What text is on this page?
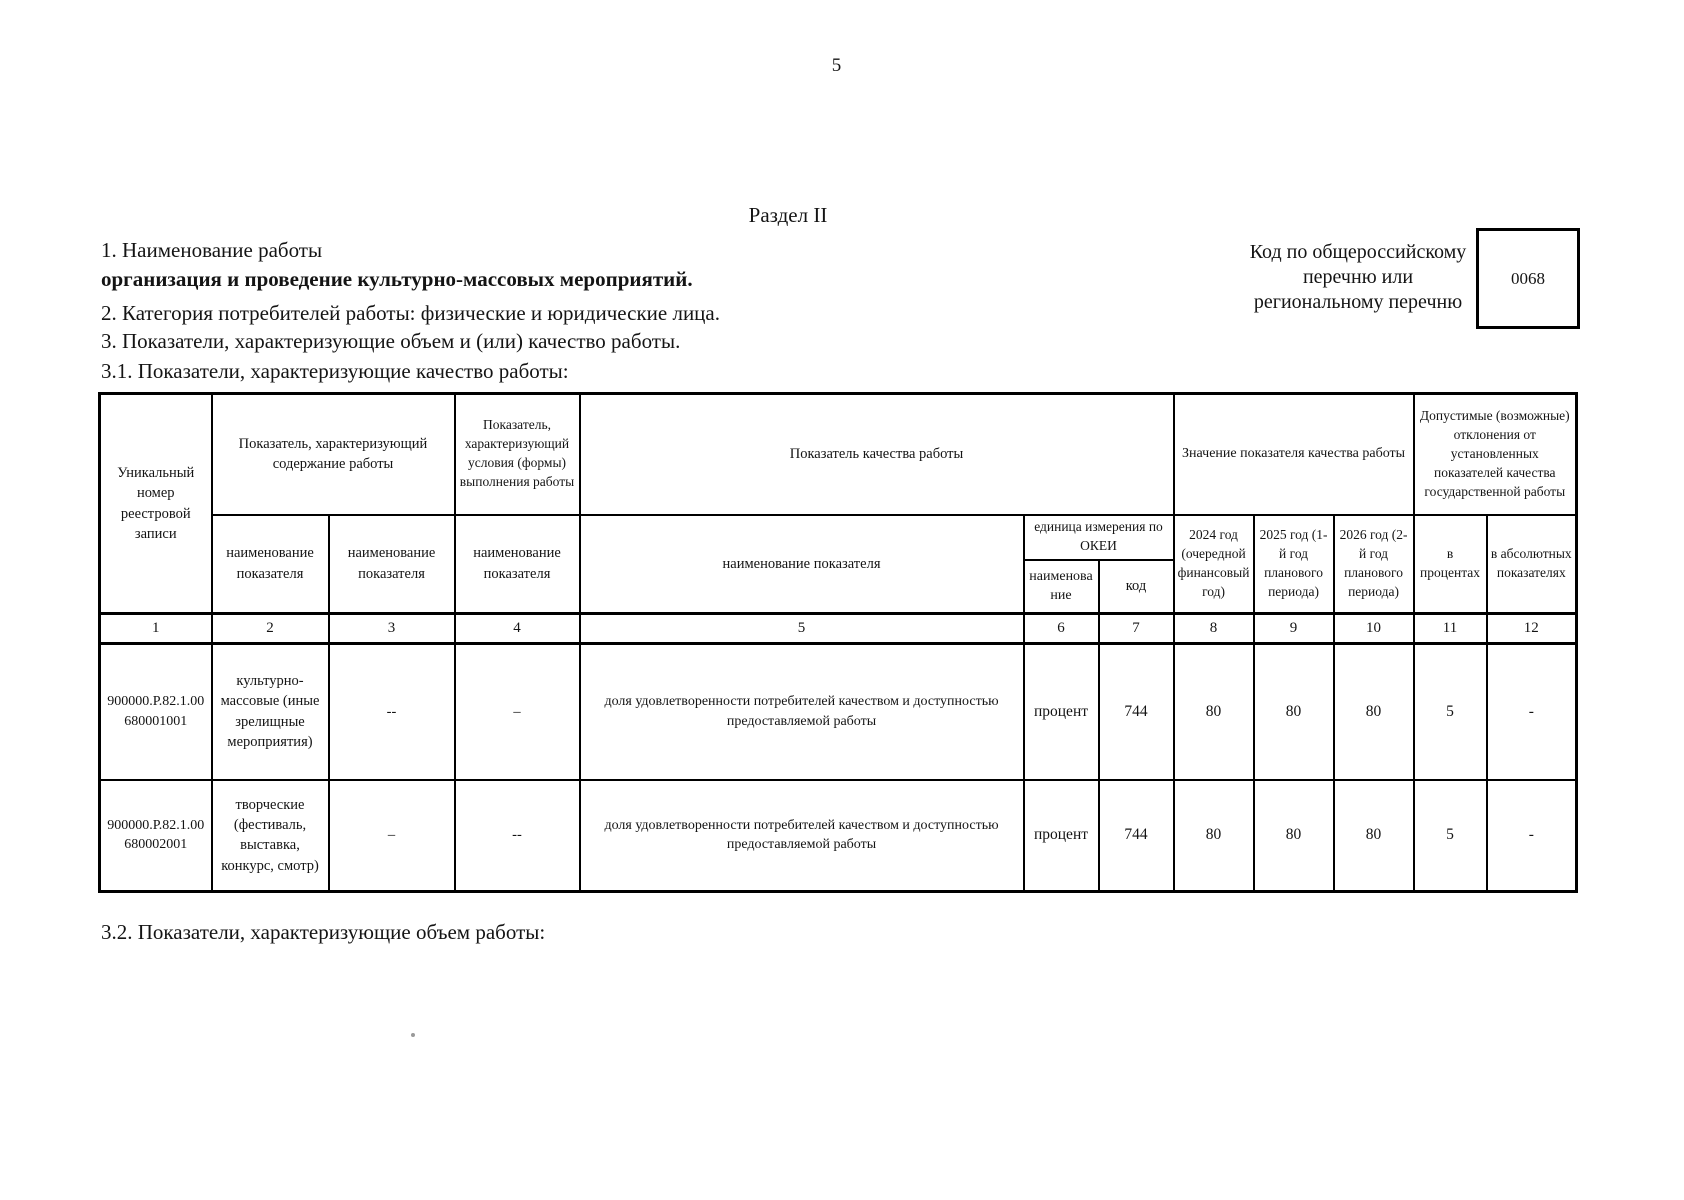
5
Раздел II
1. Наименование работы
организация и проведение культурно-массовых мероприятий.
2. Категория потребителей работы: физические и юридические лица.
3. Показатели, характеризующие объем и (или) качество работы.
3.1. Показатели, характеризующие качество работы:
3.2. Показатели, характеризующие объем работы:
Код по общероссийскому
перечню или
региональному перечню
0068
Уникальный номер реестровой записи	Показатель, характеризующий содержание работы		Показатель, характеризующий условия (формы) выполнения работы	Показатель качества работы			Значение показателя качества работы			Допустимые (возможные) отклонения от установленных показателей качества государственной работы	
	наименование показателя	наименование показателя	наименование показателя	наименование показателя	единица измерения по ОКЕИ		2024 год (очередной финансовый год)	2025 год (1-й год планового периода)	2026 год (2-й год планового периода)	в процентах	в абсолютных показателях
					наименование	код					
1	2	3	4	5	6	7	8	9	10	11	12
900000.Р.82.1.00 680001001	культурно-массовые (иные зрелищные мероприятия)	--	–	доля удовлетворенности потребителей качеством и доступностью предоставляемой работы	процент	744	80	80	80	5	-
900000.Р.82.1.00 680002001	творческие (фестиваль, выставка, конкурс, смотр)	–	--	доля удовлетворенности потребителей качеством и доступностью предоставляемой работы	процент	744	80	80	80	5	-
